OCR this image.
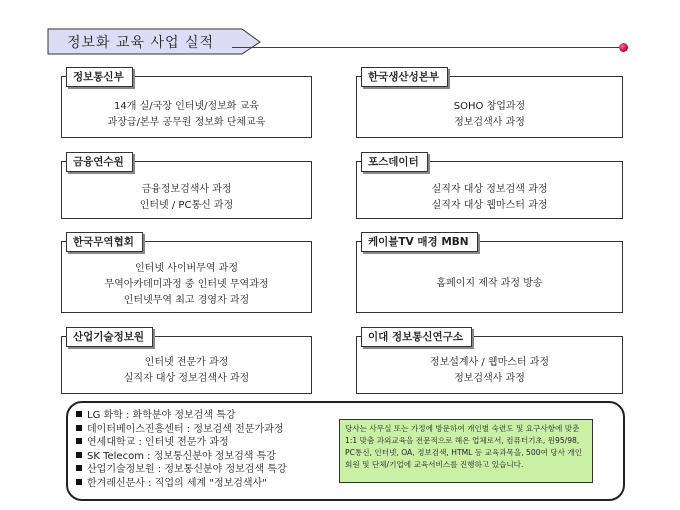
정보화 교육 사업 실적
정보통신부
14개 실/국장 인터넷/정보화 교육
과장급/본부 공무원 정보화 단체교육
금융연수원
금융정보검색사 과정
인터넷 / PC통신 과정
한국무역협회
인터넷 사이버무역 과정
무역아카데미과정 중 인터넷 무역과정
인터넷무역 최고 경영자 과정
산업기술정보원
인터넷 전문가 과정
실직자 대상 정보검색사 과정
한국생산성본부
SOHO 창업과정
정보검색사 과정
포스데이터
실직자 대상 정보검색 과정
실직자 대상 웹마스터 과정
케이블TV 매경 MBN
홈페이지 제작 과정 방송
이대 정보통신연구소
정보설계사 / 웹마스터 과정
정보검색사 과정
LG 화학 : 화학분야 정보검색 특강
데이터베이스진흥센터 : 정보검색 전문가과정
연세대학교 : 인터넷 전문가 과정
SK Telecom : 정보통신분야 정보검색 특강
산업기술정보원 : 정보통신분야 정보검색 특강
한겨레신문사 : 직업의 세계 "정보검색사"
당사는 사무실 또는 가정에 방문하여 개인별 숙련도 및 요구사항에 맞춘 1:1 맞춤 과외교육을 전문적으로 해온 업체로서, 컴퓨터기초, 윈95/98, PC통신, 인터넷, OA, 정보검색, HTML 등 교육과목을, 500여 당사 개인회원 및 단체/기업에 교육서비스를 진행하고 있습니다.
